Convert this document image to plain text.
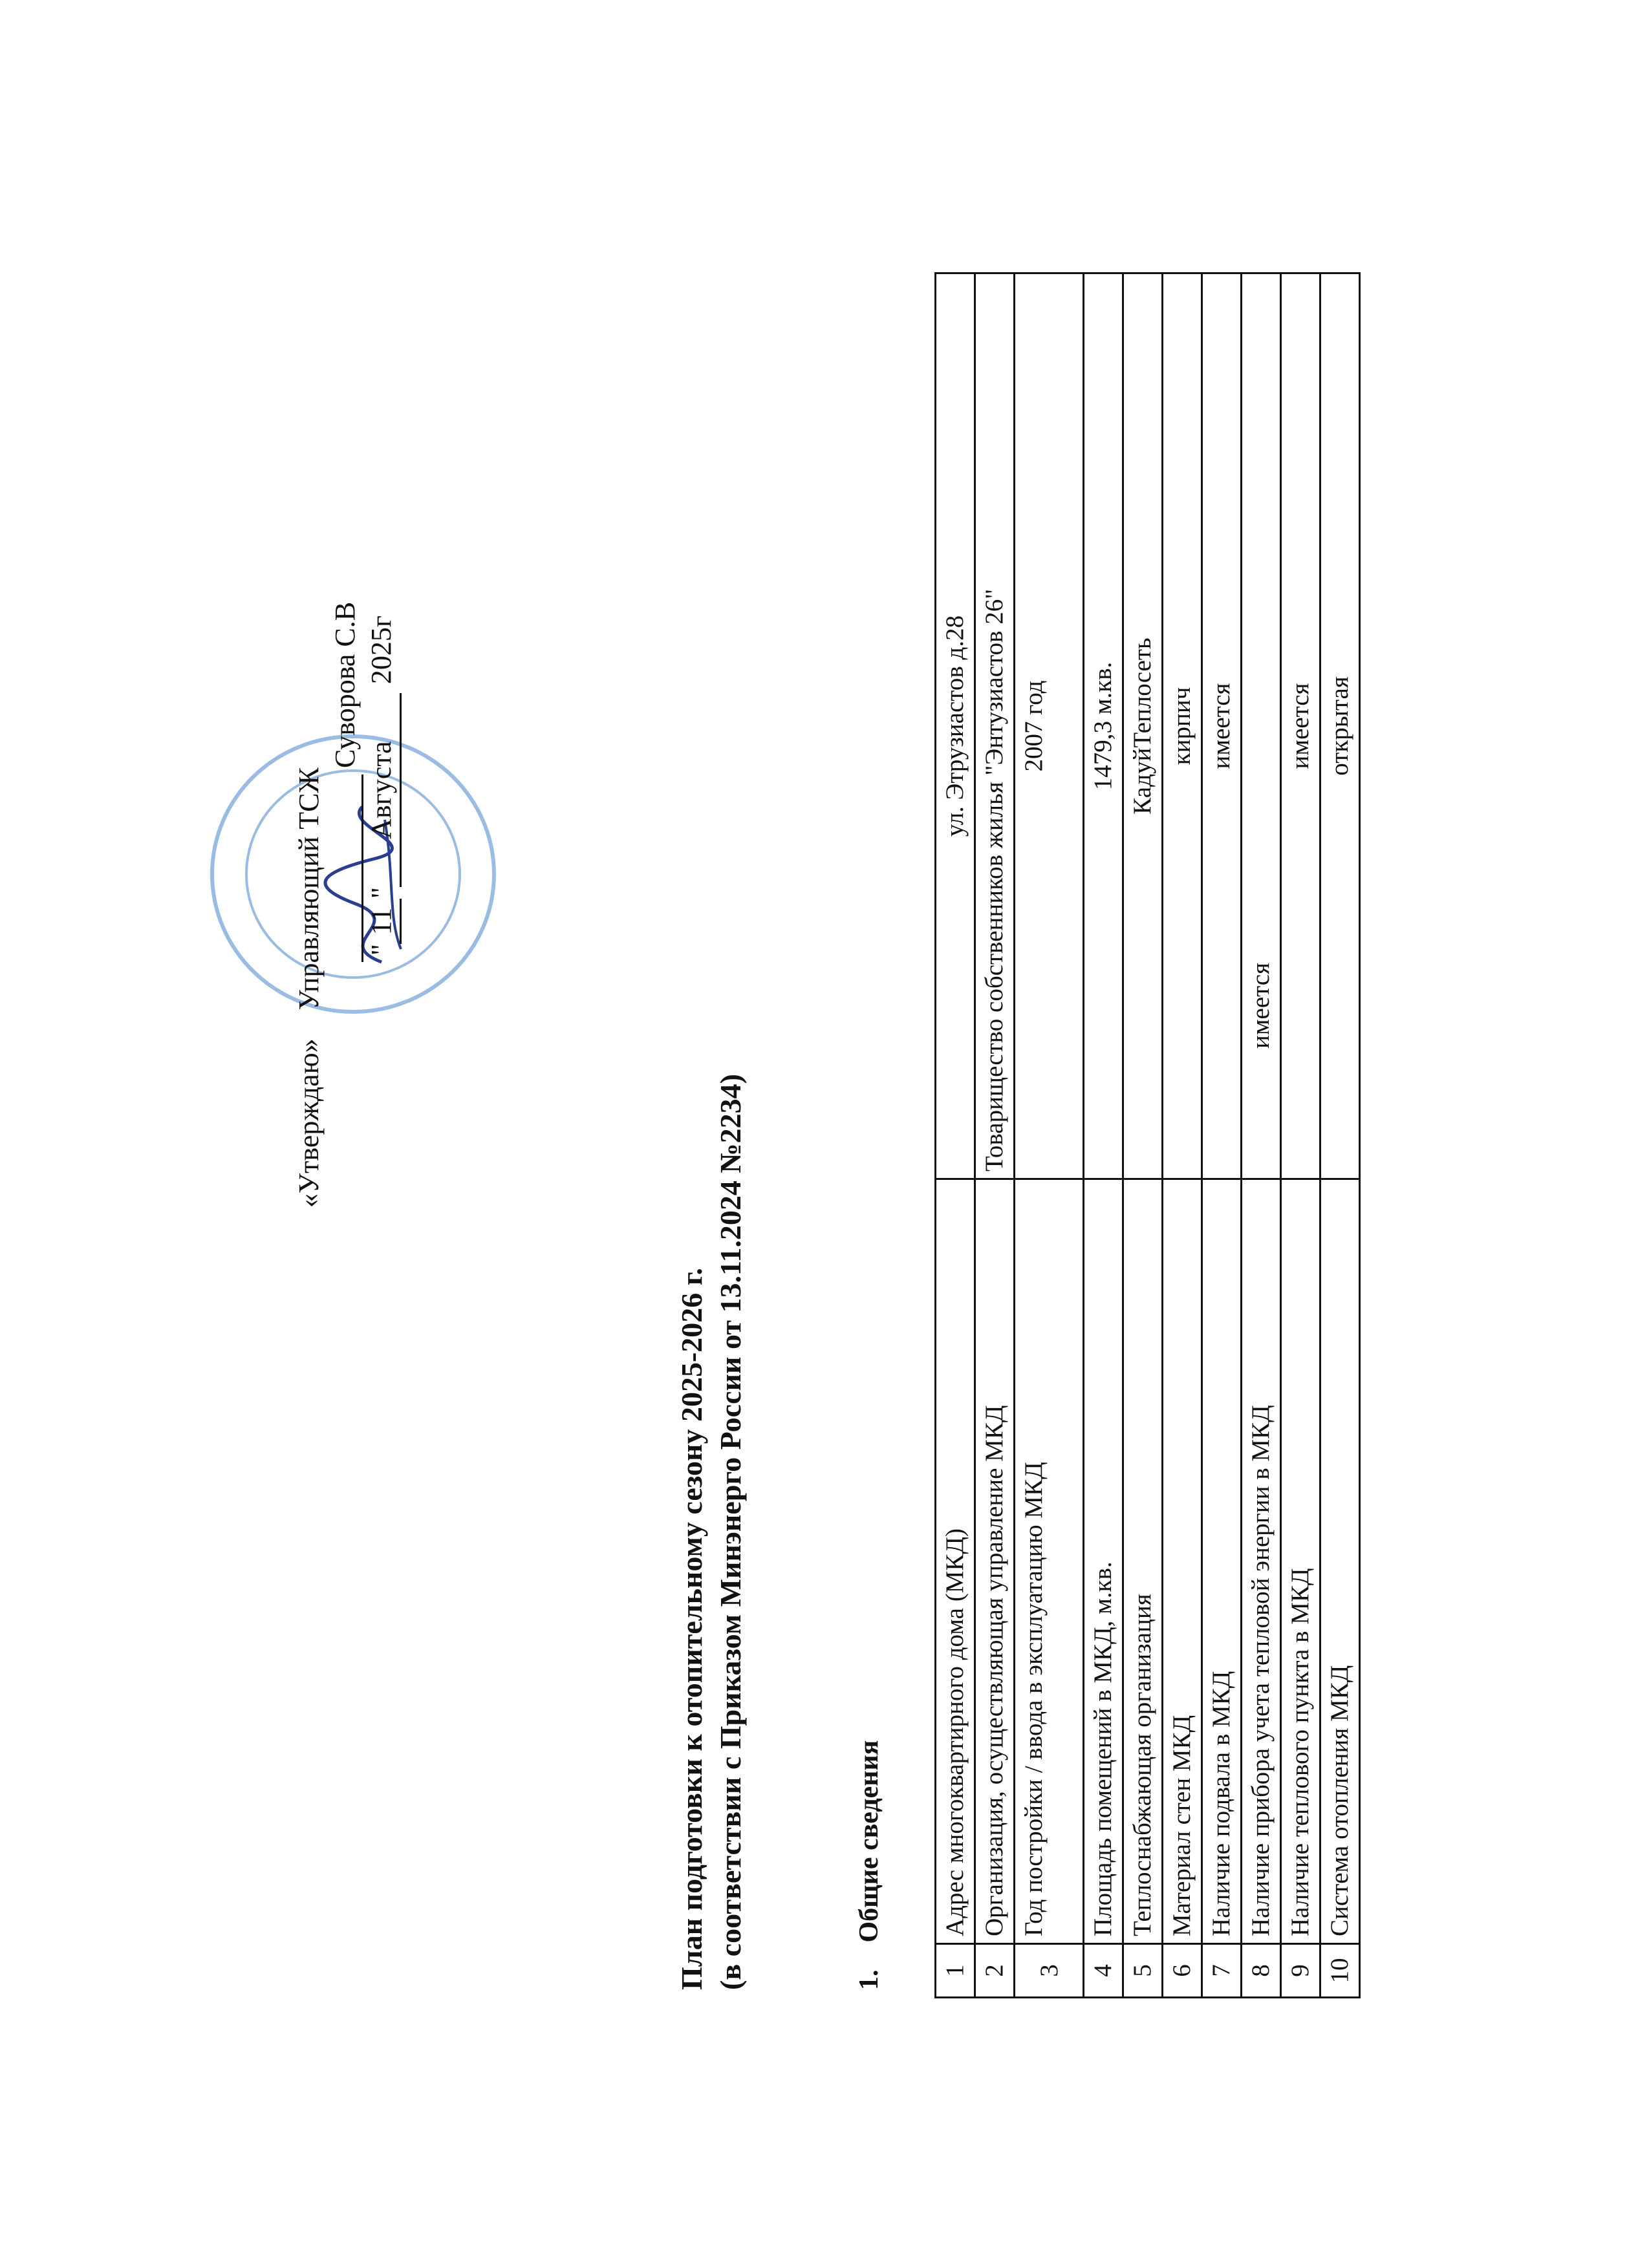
«Утверждаю»    Управляющий ТСЖ
Суворова С.В
"11"Августа2025г
План подготовки к отопительному сезону 2025-2026 г. (в соответствии с Приказом Минэнерго России от 13.11.2024 №2234)	1.    Общие сведения
1	Адрес многоквартирного дома (МКД)	ул. Этрузиастов д.28
2	Организация, осуществляющая управление МКД	Товарищество собственников жилья "Энтузиастов 26"
3	Год постройки / ввода в эксплуатацию МКД	2007 год
4	Площадь помещений в МКД, м.кв.	1479,3 м.кв.
5	Теплоснабжающая организация	КадуйТеплосеть
6	Материал стен МКД	кирпич
7	Наличие подвала в МКД	имеется
8	Наличие прибора учета тепловой энергии в МКД	имеется
9	Наличие теплового пункта в МКД	имеется
10	Система отопления МКД	открытая
